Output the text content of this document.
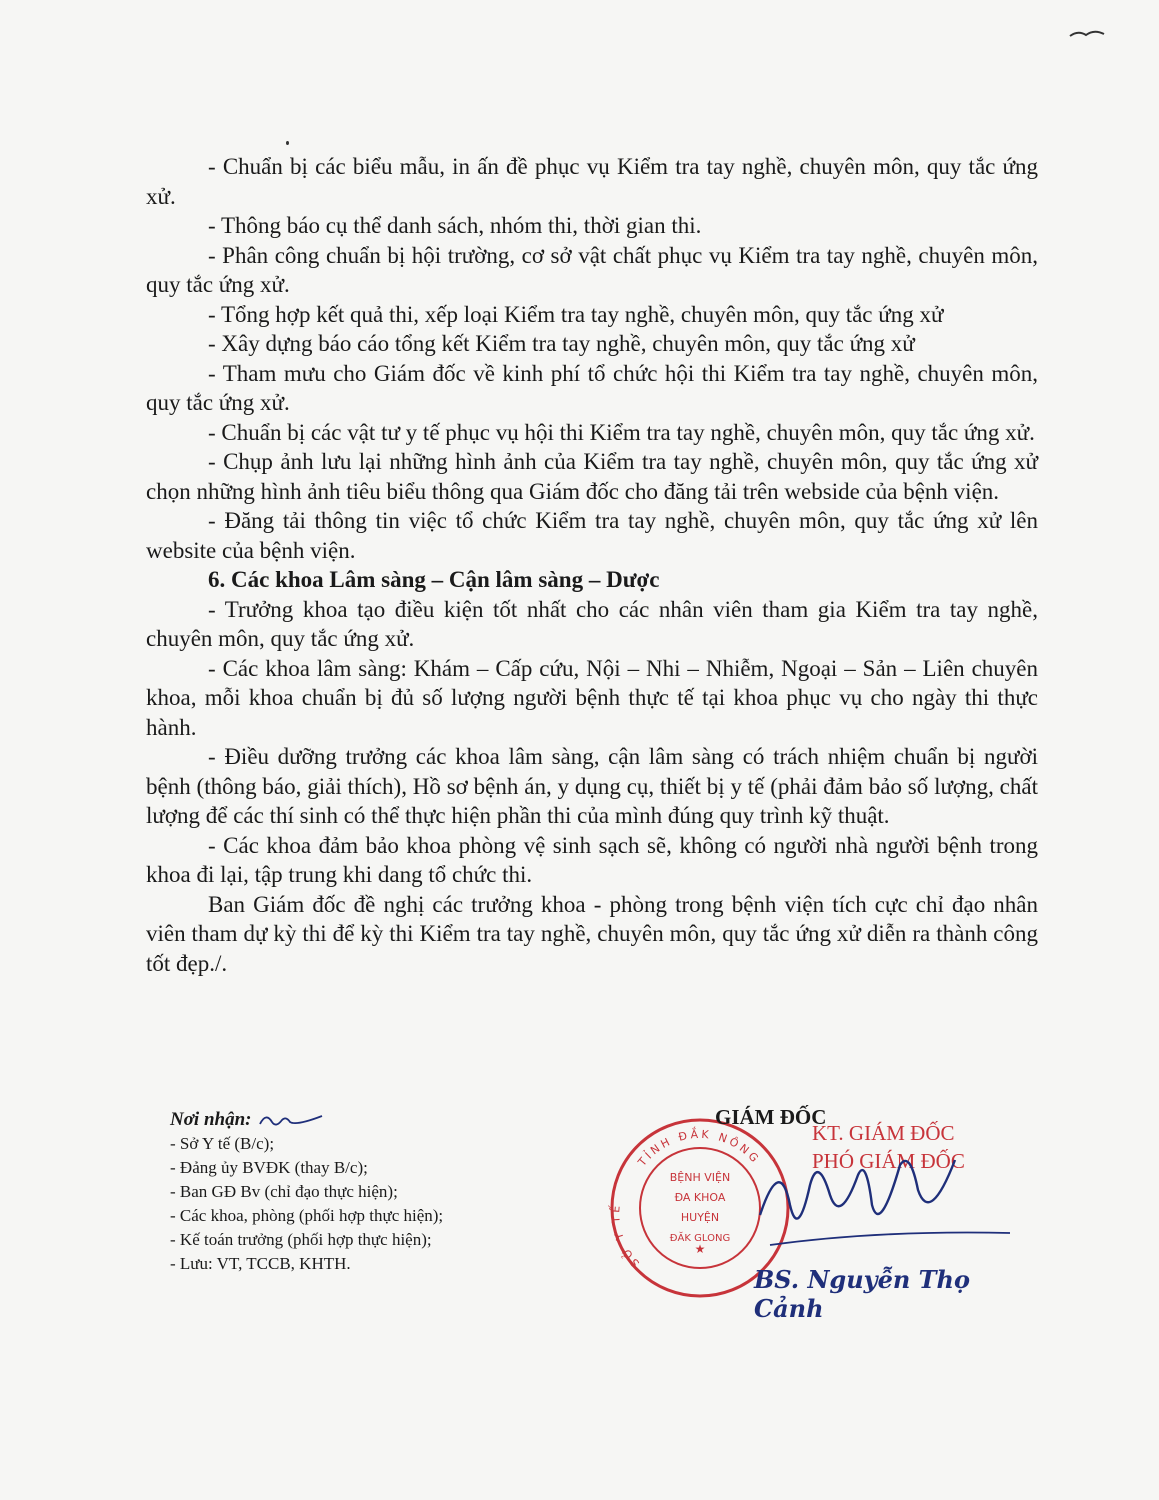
- Chuẩn bị các biểu mẫu, in ấn đề phục vụ Kiểm tra tay nghề, chuyên môn, quy tắc ứng xử.

- Thông báo cụ thể danh sách, nhóm thi, thời gian thi.

- Phân công chuẩn bị hội trường, cơ sở vật chất phục vụ Kiểm tra tay nghề, chuyên môn, quy tắc ứng xử.

- Tổng hợp kết quả thi, xếp loại Kiểm tra tay nghề, chuyên môn, quy tắc ứng xử

- Xây dựng báo cáo tổng kết Kiểm tra tay nghề, chuyên môn, quy tắc ứng xử

- Tham mưu cho Giám đốc về kinh phí tổ chức hội thi Kiểm tra tay nghề, chuyên môn, quy tắc ứng xử.

- Chuẩn bị các vật tư y tế phục vụ hội thi Kiểm tra tay nghề, chuyên môn, quy tắc ứng xử.

- Chụp ảnh lưu lại những hình ảnh của Kiểm tra tay nghề, chuyên môn, quy tắc ứng xử chọn những hình ảnh tiêu biểu thông qua Giám đốc cho đăng tải trên webside của bệnh viện.

- Đăng tải thông tin việc tổ chức Kiểm tra tay nghề, chuyên môn, quy tắc ứng xử lên website của bệnh viện.

6. Các khoa Lâm sàng – Cận lâm sàng – Dược

- Trưởng khoa tạo điều kiện tốt nhất cho các nhân viên tham gia Kiểm tra tay nghề, chuyên môn, quy tắc ứng xử.

- Các khoa lâm sàng: Khám – Cấp cứu, Nội – Nhi – Nhiễm, Ngoại – Sản – Liên chuyên khoa, mỗi khoa chuẩn bị đủ số lượng người bệnh thực tế tại khoa phục vụ cho ngày thi thực hành.

- Điều dưỡng trưởng các khoa lâm sàng, cận lâm sàng có trách nhiệm chuẩn bị người bệnh (thông báo, giải thích), Hồ sơ bệnh án, y dụng cụ, thiết bị y tế (phải đảm bảo số lượng, chất lượng để các thí sinh có thể thực hiện phần thi của mình đúng quy trình kỹ thuật.

- Các khoa đảm bảo khoa phòng vệ sinh sạch sẽ, không có người nhà người bệnh trong khoa đi lại, tập trung khi dang tổ chức thi.

Ban Giám đốc đề nghị các trưởng khoa - phòng trong bệnh viện tích cực chỉ đạo nhân viên tham dự kỳ thi để kỳ thi Kiểm tra tay nghề, chuyên môn, quy tắc ứng xử diễn ra thành công tốt đẹp./.

Nơi nhận:
- Sở Y tế (B/c);
- Đảng ủy BVĐK (thay B/c);
- Ban GĐ Bv (chỉ đạo thực hiện);
- Các khoa, phòng (phối hợp thực hiện);
- Kế toán trưởng (phối hợp thực hiện);
- Lưu: VT, TCCB, KHTH.
TỈNH ĐẮK NÔNG
SỞ Y TẾ
BỆNH VIỆN
ĐA KHOA
HUYỆN
ĐĂK GLONG
★
GIÁM ĐỐC
KT. GIÁM ĐỐC
PHÓ GIÁM ĐỐC
BS. Nguyễn Thọ Cảnh
